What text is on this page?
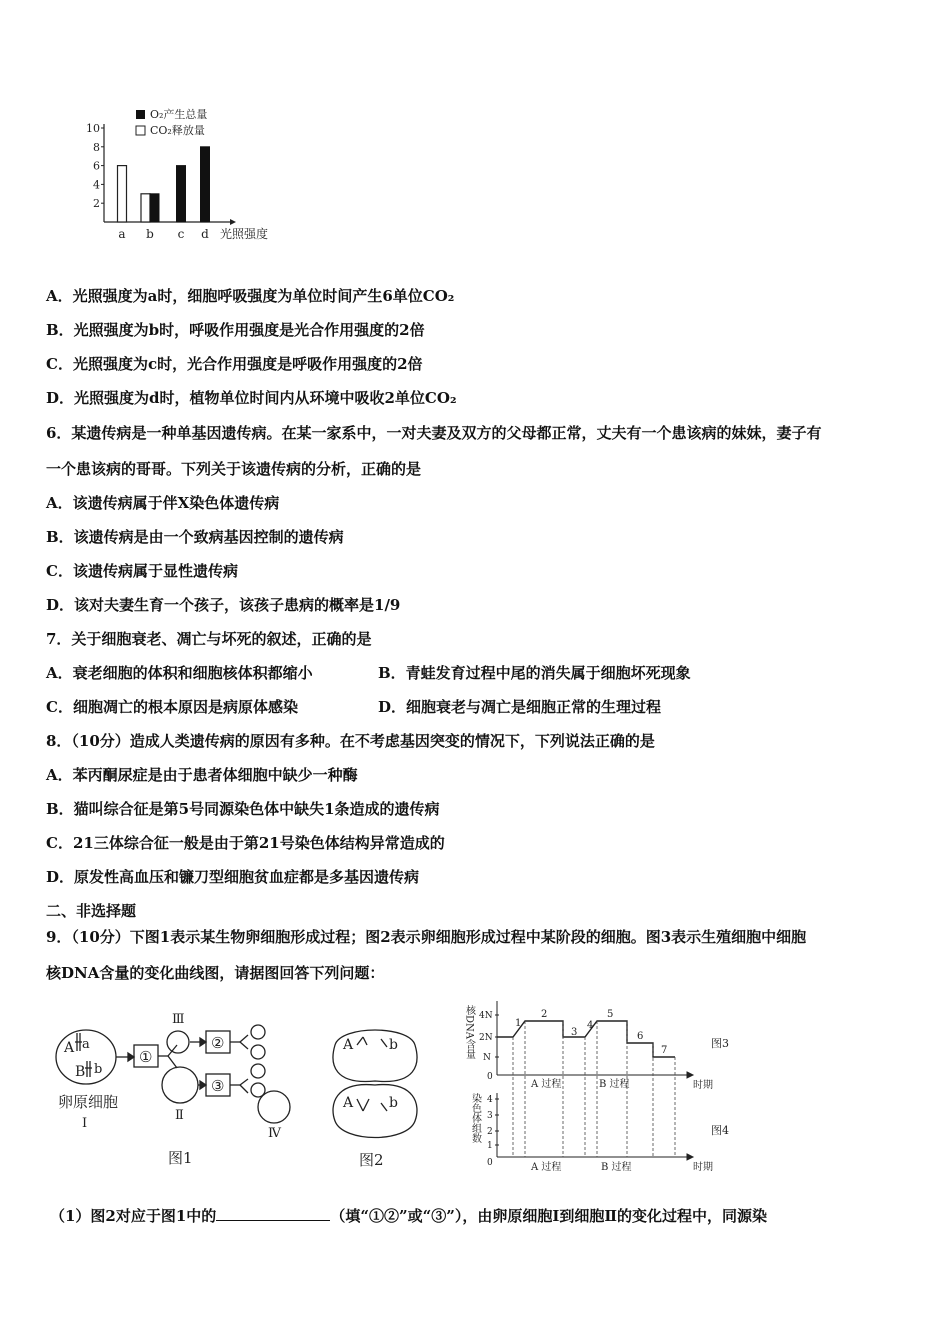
10
8
6
4
2
a b c d 光照强度
O₂产生总量
CO₂释放量
A．光照强度为a时，细胞呼吸强度为单位时间产生6单位CO₂
B．光照强度为b时，呼吸作用强度是光合作用强度的2倍
C．光照强度为c时，光合作用强度是呼吸作用强度的2倍
D．光照强度为d时，植物单位时间内从环境中吸收2单位CO₂
6．某遗传病是一种单基因遗传病。在某一家系中，一对夫妻及双方的父母都正常，丈夫有一个患该病的妹妹，妻子有
一个患该病的哥哥。下列关于该遗传病的分析，正确的是
A．该遗传病属于伴X染色体遗传病
B．该遗传病是由一个致病基因控制的遗传病
C．该遗传病属于显性遗传病
D．该对夫妻生育一个孩子，该孩子患病的概率是1/9
7．关于细胞衰老、凋亡与坏死的叙述，正确的是
A．衰老细胞的体积和细胞核体积都缩小	B．青蛙发育过程中尾的消失属于细胞坏死现象
C．细胞凋亡的根本原因是病原体感染	D．细胞衰老与凋亡是细胞正常的生理过程
8．（10分）造成人类遗传病的原因有多种。在不考虑基因突变的情况下，下列说法正确的是
A．苯丙酮尿症是由于患者体细胞中缺少一种酶
B．猫叫综合征是第5号同源染色体中缺失1条造成的遗传病
C．21三体综合征一般是由于第21号染色体结构异常造成的
D．原发性高血压和镰刀型细胞贫血症都是多基因遗传病
二、非选择题
9．（10分）下图1表示某生物卵细胞形成过程；图2表示卵细胞形成过程中某阶段的细胞。图3表示生殖细胞中细胞
核DNA含量的变化曲线图，请据图回答下列问题：
A a
B b
①
②
③
Ⅲ
Ⅱ
Ⅳ
卵原细胞
Ⅰ
图1
A	b
A	b
图2
核DNA含量 4N
2N
N
0
1
2
3
4
5
6
7
A 过程	B 过程	时期
图3
染色体组数 4
3
2
1
0	A 过程	B 过程	时期
图4
（1）图2对应于图1中的	（填“①②”或“③”），由卵原细胞Ⅰ到细胞Ⅱ的变化过程中，同源染
